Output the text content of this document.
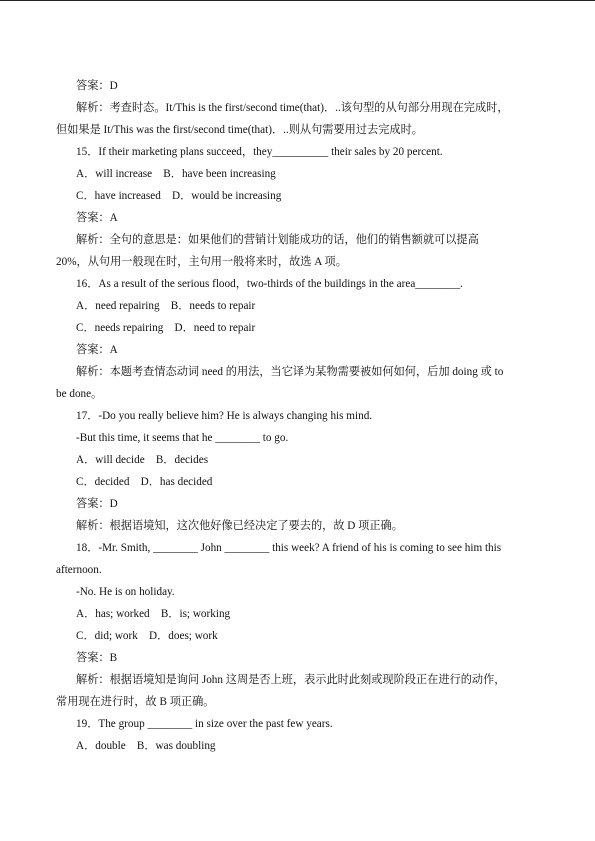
答案：D
解析：考查时态。It/This is the first/second time(that)．..该句型的从句部分用现在完成时，
但如果是 It/This was the first/second time(that)．..则从句需要用过去完成时。
15．If their marketing plans succeed，they__________ their sales by 20 percent.
A．will increase    B．have been increasing
C．have increased    D．would be increasing
答案：A
解析：全句的意思是：如果他们的营销计划能成功的话，他们的销售额就可以提高
20%，从句用一般现在时，主句用一般将来时，故选 A 项。
16．As a result of the serious flood，two-thirds of the buildings in the area________.
A．need repairing    B．needs to repair
C．needs repairing    D．need to repair
答案：A
解析：本题考查情态动词 need 的用法，当它译为某物需要被如何如何，后加 doing 或 to
be done。
17．-Do you really believe him? He is always changing his mind.
-But this time, it seems that he ________ to go.
A．will decide    B．decides
C．decided    D．has decided
答案：D
解析：根据语境知，这次他好像已经决定了要去的，故 D 项正确。
18．-Mr. Smith, ________ John ________ this week? A friend of his is coming to see him this
afternoon.
-No. He is on holiday.
A．has; worked    B．is; working
C．did; work    D．does; work
答案：B
解析：根据语境知是询问 John 这周是否上班，表示此时此刻或现阶段正在进行的动作，
常用现在进行时，故 B 项正确。
19．The group ________ in size over the past few years.
A．double    B．was doubling
